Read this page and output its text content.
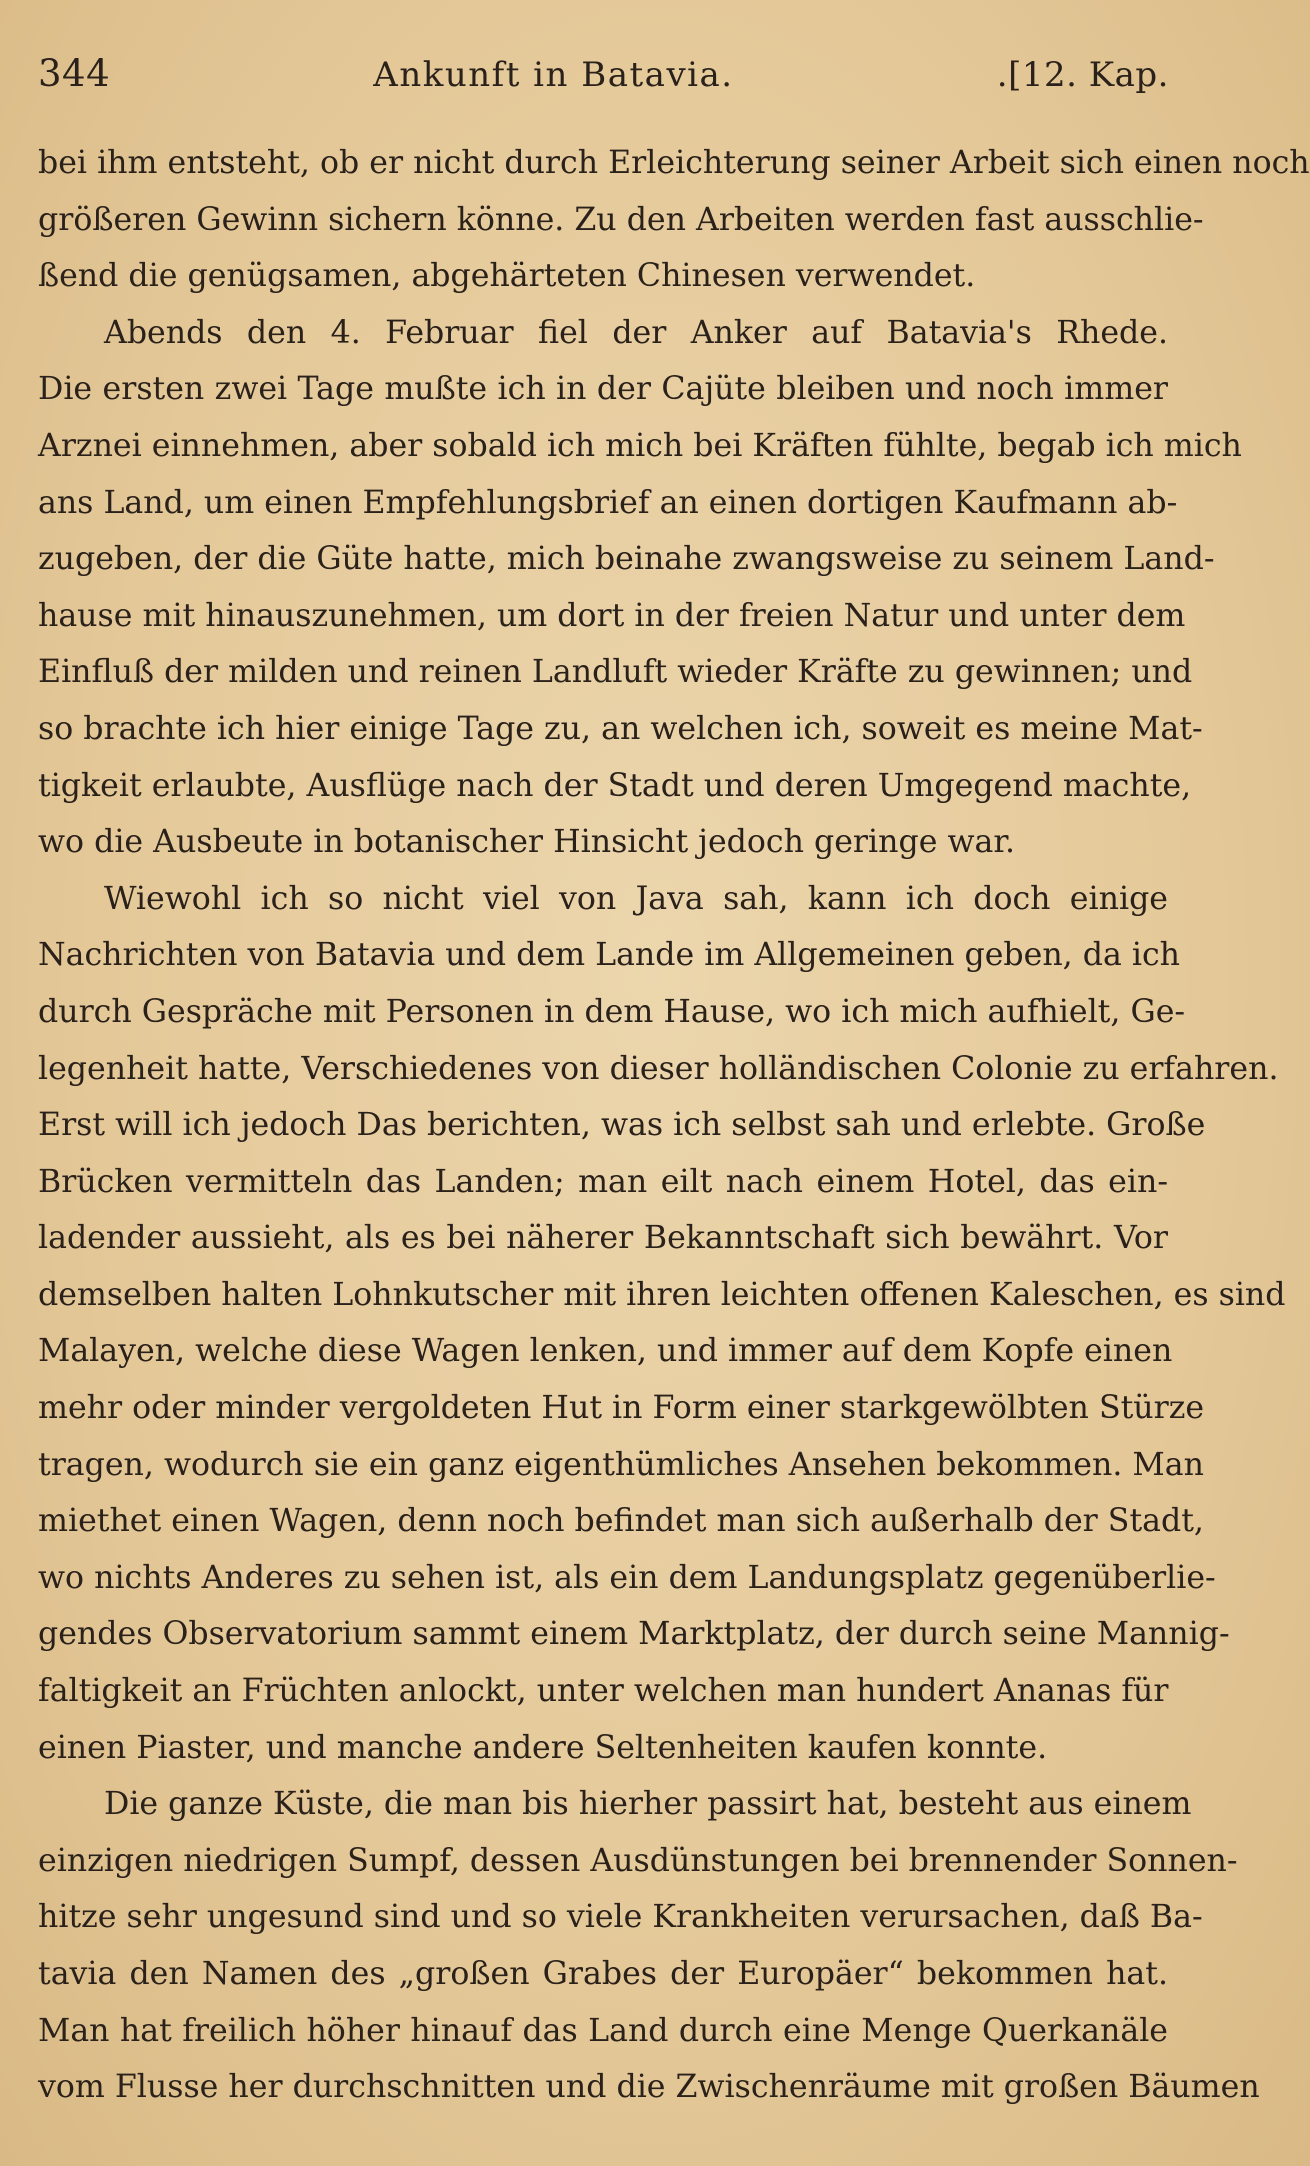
344	Ankunft in Batavia.	.[12. Kap.
bei ihm entsteht, ob er nicht durch Erleichterung seiner Arbeit sich einen noch
größeren Gewinn sichern könne. Zu den Arbeiten werden fast ausschlie-
ßend die genügsamen, abgehärteten Chinesen verwendet.
Abends den 4. Februar fiel der Anker auf Batavia's Rhede.
Die ersten zwei Tage mußte ich in der Cajüte bleiben und noch immer
Arznei einnehmen, aber sobald ich mich bei Kräften fühlte, begab ich mich
ans Land, um einen Empfehlungsbrief an einen dortigen Kaufmann ab-
zugeben, der die Güte hatte, mich beinahe zwangsweise zu seinem Land-
hause mit hinauszunehmen, um dort in der freien Natur und unter dem
Einfluß der milden und reinen Landluft wieder Kräfte zu gewinnen; und
so brachte ich hier einige Tage zu, an welchen ich, soweit es meine Mat-
tigkeit erlaubte, Ausflüge nach der Stadt und deren Umgegend machte,
wo die Ausbeute in botanischer Hinsicht jedoch geringe war.
Wiewohl ich so nicht viel von Java sah, kann ich doch einige
Nachrichten von Batavia und dem Lande im Allgemeinen geben, da ich
durch Gespräche mit Personen in dem Hause, wo ich mich aufhielt, Ge-
legenheit hatte, Verschiedenes von dieser holländischen Colonie zu erfahren.
Erst will ich jedoch Das berichten, was ich selbst sah und erlebte. Große
Brücken vermitteln das Landen; man eilt nach einem Hotel, das ein-
ladender aussieht, als es bei näherer Bekanntschaft sich bewährt. Vor
demselben halten Lohnkutscher mit ihren leichten offenen Kaleschen, es sind
Malayen, welche diese Wagen lenken, und immer auf dem Kopfe einen
mehr oder minder vergoldeten Hut in Form einer starkgewölbten Stürze
tragen, wodurch sie ein ganz eigenthümliches Ansehen bekommen. Man
miethet einen Wagen, denn noch befindet man sich außerhalb der Stadt,
wo nichts Anderes zu sehen ist, als ein dem Landungsplatz gegenüberlie-
gendes Observatorium sammt einem Marktplatz, der durch seine Mannig-
faltigkeit an Früchten anlockt, unter welchen man hundert Ananas für
einen Piaster, und manche andere Seltenheiten kaufen konnte.
Die ganze Küste, die man bis hierher passirt hat, besteht aus einem
einzigen niedrigen Sumpf, dessen Ausdünstungen bei brennender Sonnen-
hitze sehr ungesund sind und so viele Krankheiten verursachen, daß Ba-
tavia den Namen des „großen Grabes der Europäer“ bekommen hat.
Man hat freilich höher hinauf das Land durch eine Menge Querkanäle
vom Flusse her durchschnitten und die Zwischenräume mit großen Bäumen
